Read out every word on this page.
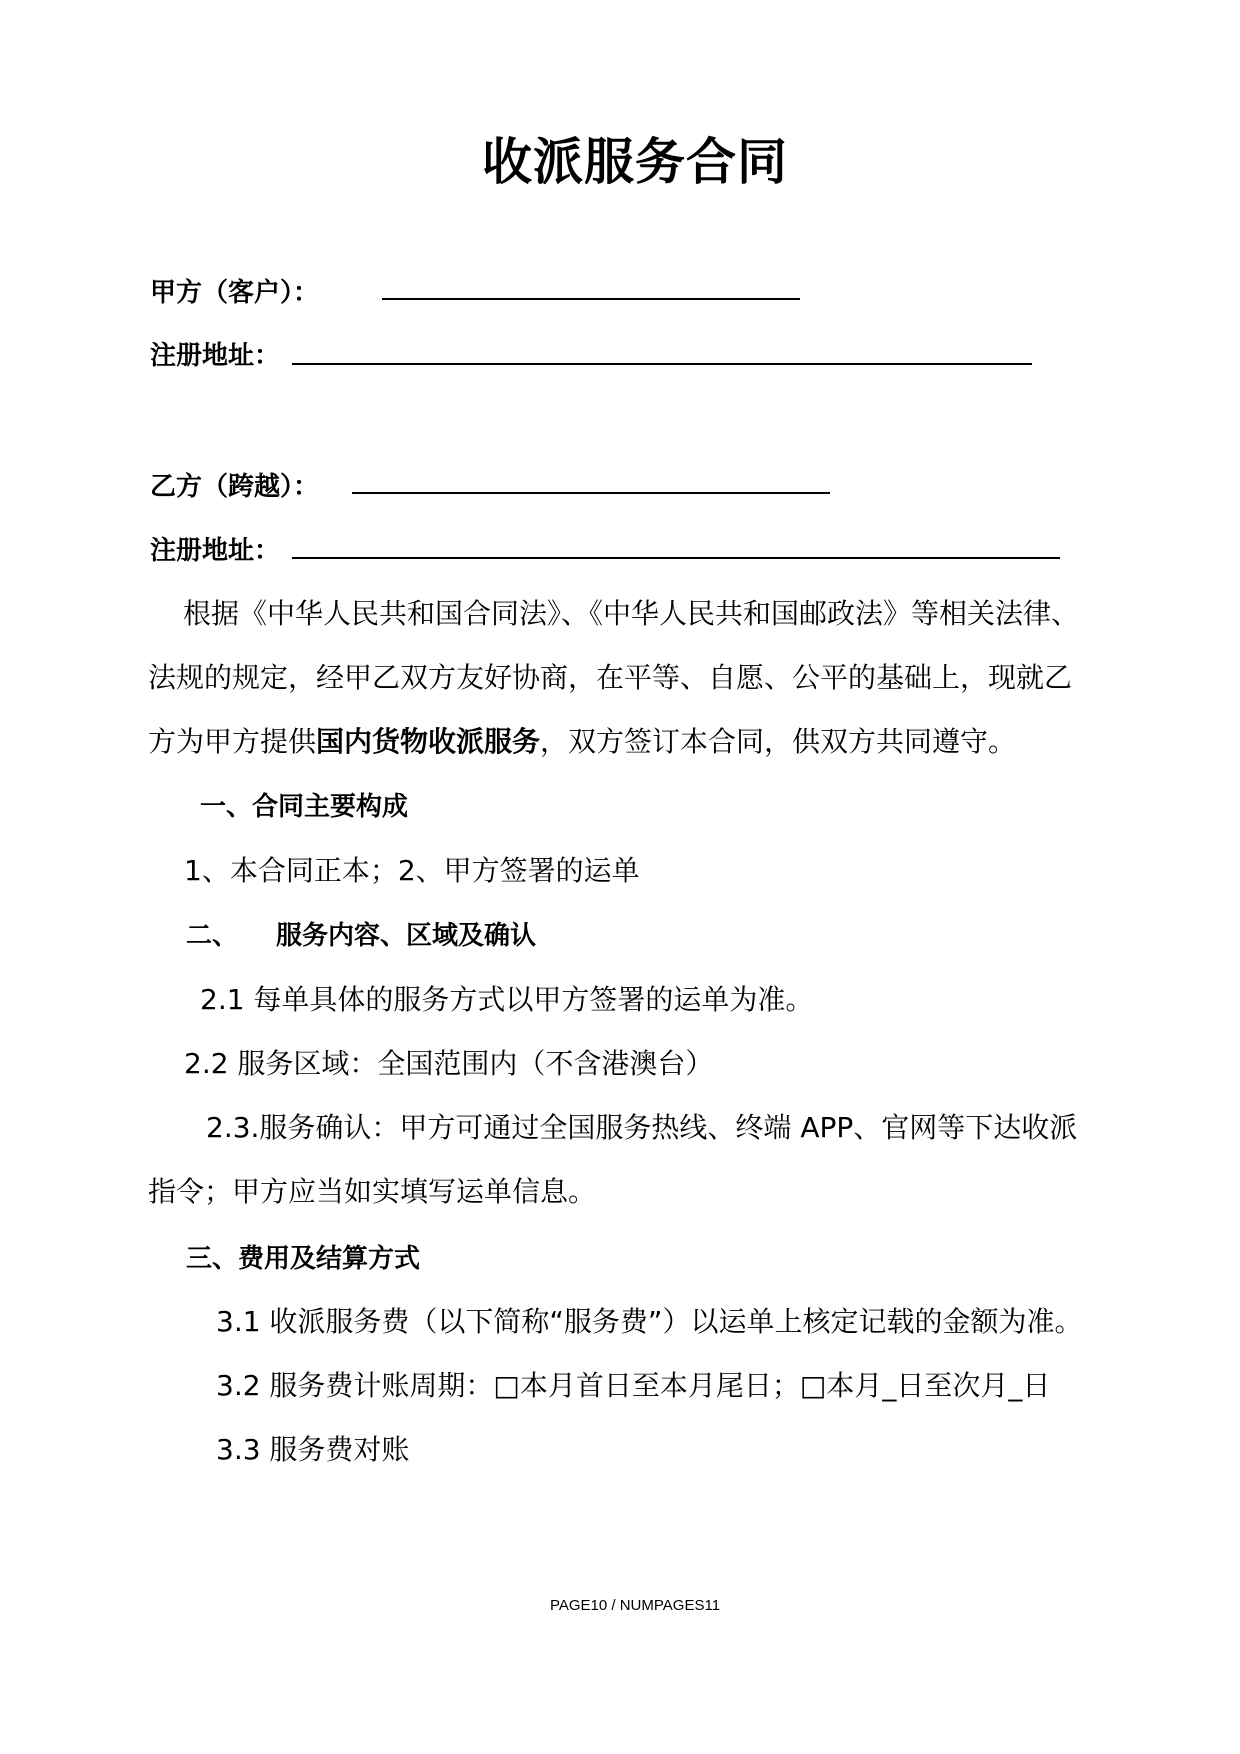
收派服务合同
甲方（客户）：
注册地址：
乙方（跨越）：
注册地址：
根据《中华人民共和国合同法》、《中华人民共和国邮政法》等相关法律、
法规的规定，经甲乙双方友好协商，在平等、自愿、公平的基础上，现就乙
方为甲方提供国内货物收派服务，双方签订本合同，供双方共同遵守。
一、合同主要构成
1、本合同正本；2、甲方签署的运单
二、 服务内容、区域及确认
2.1 每单具体的服务方式以甲方签署的运单为准。
2.2 服务区域：全国范围内（不含港澳台）
2.3.服务确认：甲方可通过全国服务热线、终端 APP、官网等下达收派
指令；甲方应当如实填写运单信息。
三、费用及结算方式
3.1 收派服务费（以下简称“服务费”）以运单上核定记载的金额为准。
3.2 服务费计账周期：□本月首日至本月尾日；□本月_日至次月_日
3.3 服务费对账
PAGE10 / NUMPAGES11
